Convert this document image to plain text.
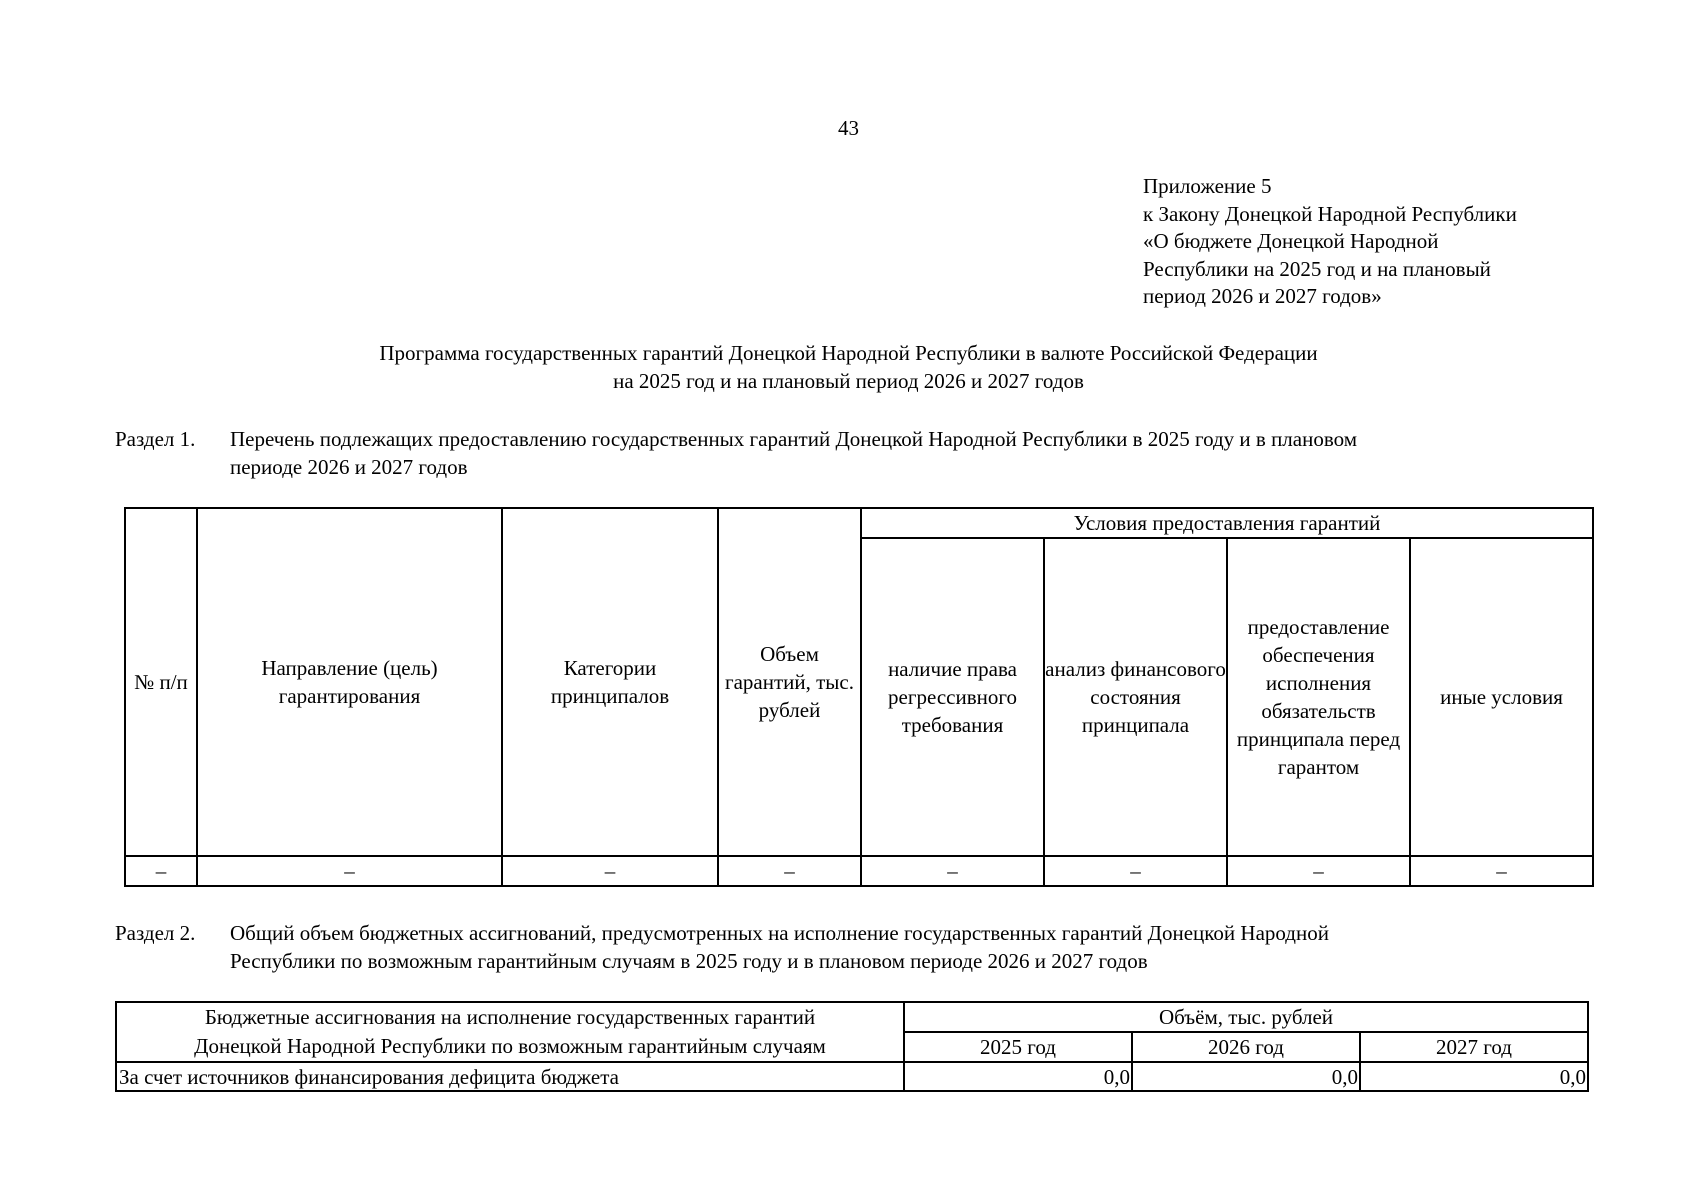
43
Приложение 5
к Закону Донецкой Народной Республики
«О бюджете Донецкой Народной
Республики на 2025 год и на плановый
период 2026 и 2027 годов»
Программа государственных гарантий Донецкой Народной Республики в валюте Российской Федерации
на 2025 год и на плановый период 2026 и 2027 годов
Раздел 1. Перечень подлежащих предоставлению государственных гарантий Донецкой Народной Республики в 2025 году и в плановом
периоде 2026 и 2027 годов
№ п/п	Направление (цель) гарантирования	Категории принципалов	Объем гарантий, тыс. рублей	Условия предоставления гарантий			
				наличие права регрессивного требования	анализ финансового состояния принципала	предоставление обеспечения исполнения обязательств принципала перед гарантом	иные условия
–	–	–	–	–	–	–	–
Раздел 2. Общий объем бюджетных ассигнований, предусмотренных на исполнение государственных гарантий Донецкой Народной
Республики по возможным гарантийным случаям в 2025 году и в плановом периоде 2026 и 2027 годов
Бюджетные ассигнования на исполнение государственных гарантий
Донецкой Народной Республики по возможным гарантийным случаям	Объём, тыс. рублей		
	2025 год	2026 год	2027 год
За счет источников финансирования дефицита бюджета	0,0	0,0	0,0
